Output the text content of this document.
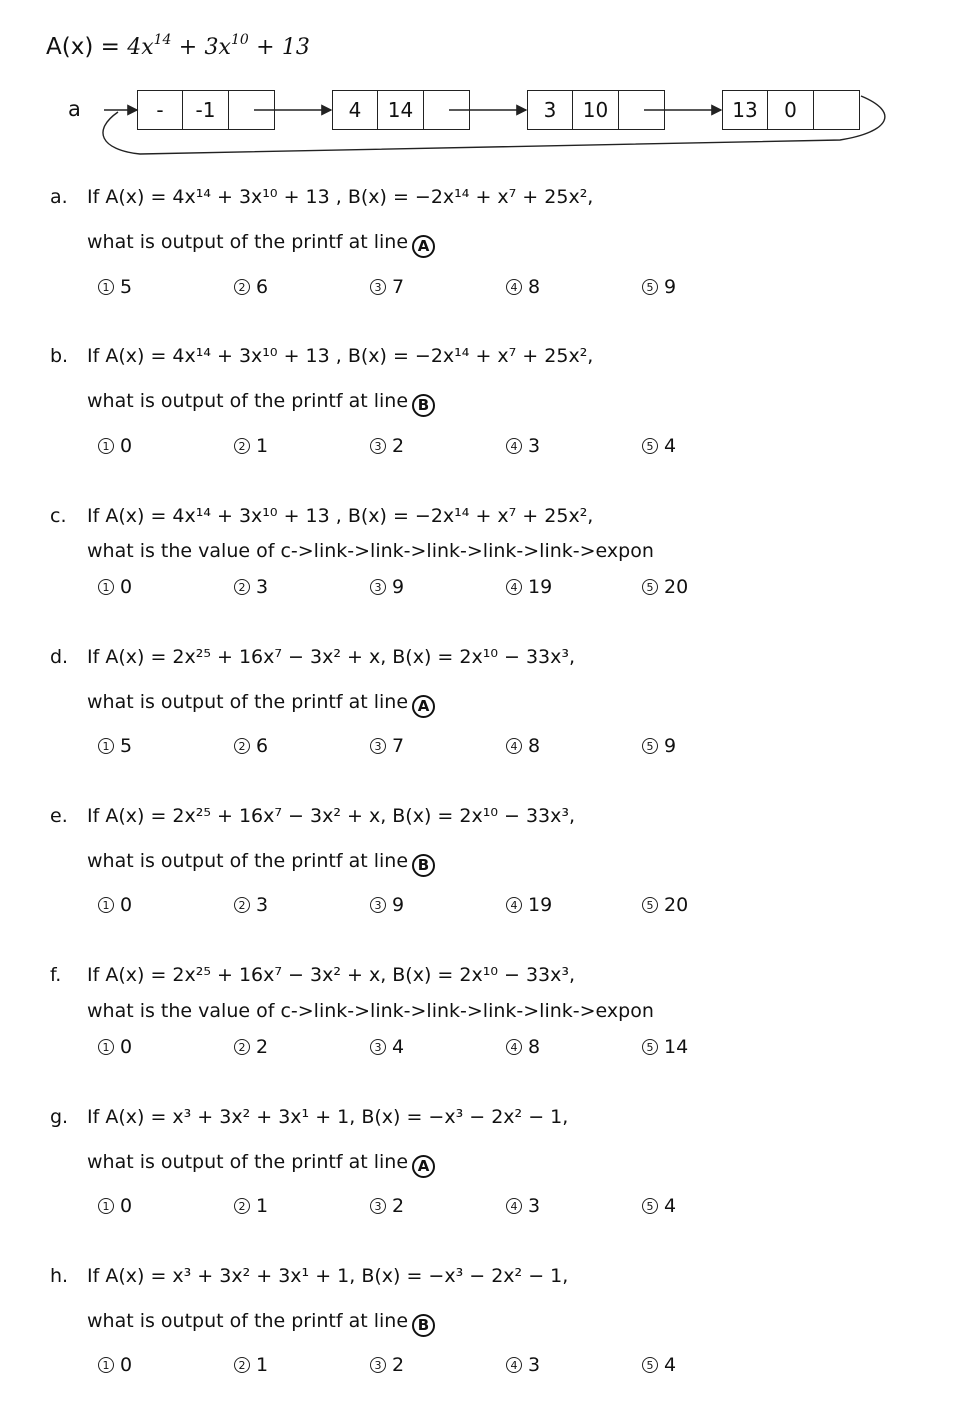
$A(x) = 4x^{14} + 3x^{10} + 13$
a	-	-1	4	14	3	10	13	0
a. If A(x) = 4x¹⁴ + 3x¹⁰ + 13 , B(x) = −2x¹⁴ + x⁷ + 25x²,
what is output of the printf at line A
1 5	2 6	3 7	4 8	5 9
b. If A(x) = 4x¹⁴ + 3x¹⁰ + 13 , B(x) = −2x¹⁴ + x⁷ + 25x²,
what is output of the printf at line B
1 0	2 1	3 2	4 3	5 4
c. If A(x) = 4x¹⁴ + 3x¹⁰ + 13 , B(x) = −2x¹⁴ + x⁷ + 25x²,
what is the value of c->link->link->link->link->link->expon
1 0	2 3	3 9	4 19	5 20
d. If A(x) = 2x²⁵ + 16x⁷ − 3x² + x, B(x) = 2x¹⁰ − 33x³,
what is output of the printf at line A
1 5	2 6	3 7	4 8	5 9
e. If A(x) = 2x²⁵ + 16x⁷ − 3x² + x, B(x) = 2x¹⁰ − 33x³,
what is output of the printf at line B
1 0	2 3	3 9	4 19	5 20
f. If A(x) = 2x²⁵ + 16x⁷ − 3x² + x, B(x) = 2x¹⁰ − 33x³,
what is the value of c->link->link->link->link->link->expon
1 0	2 2	3 4	4 8	5 14
g. If A(x) = x³ + 3x² + 3x¹ + 1, B(x) = −x³ − 2x² − 1,
what is output of the printf at line A
1 0	2 1	3 2	4 3	5 4
h. If A(x) = x³ + 3x² + 3x¹ + 1, B(x) = −x³ − 2x² − 1,
what is output of the printf at line B
1 0	2 1	3 2	4 3	5 4
